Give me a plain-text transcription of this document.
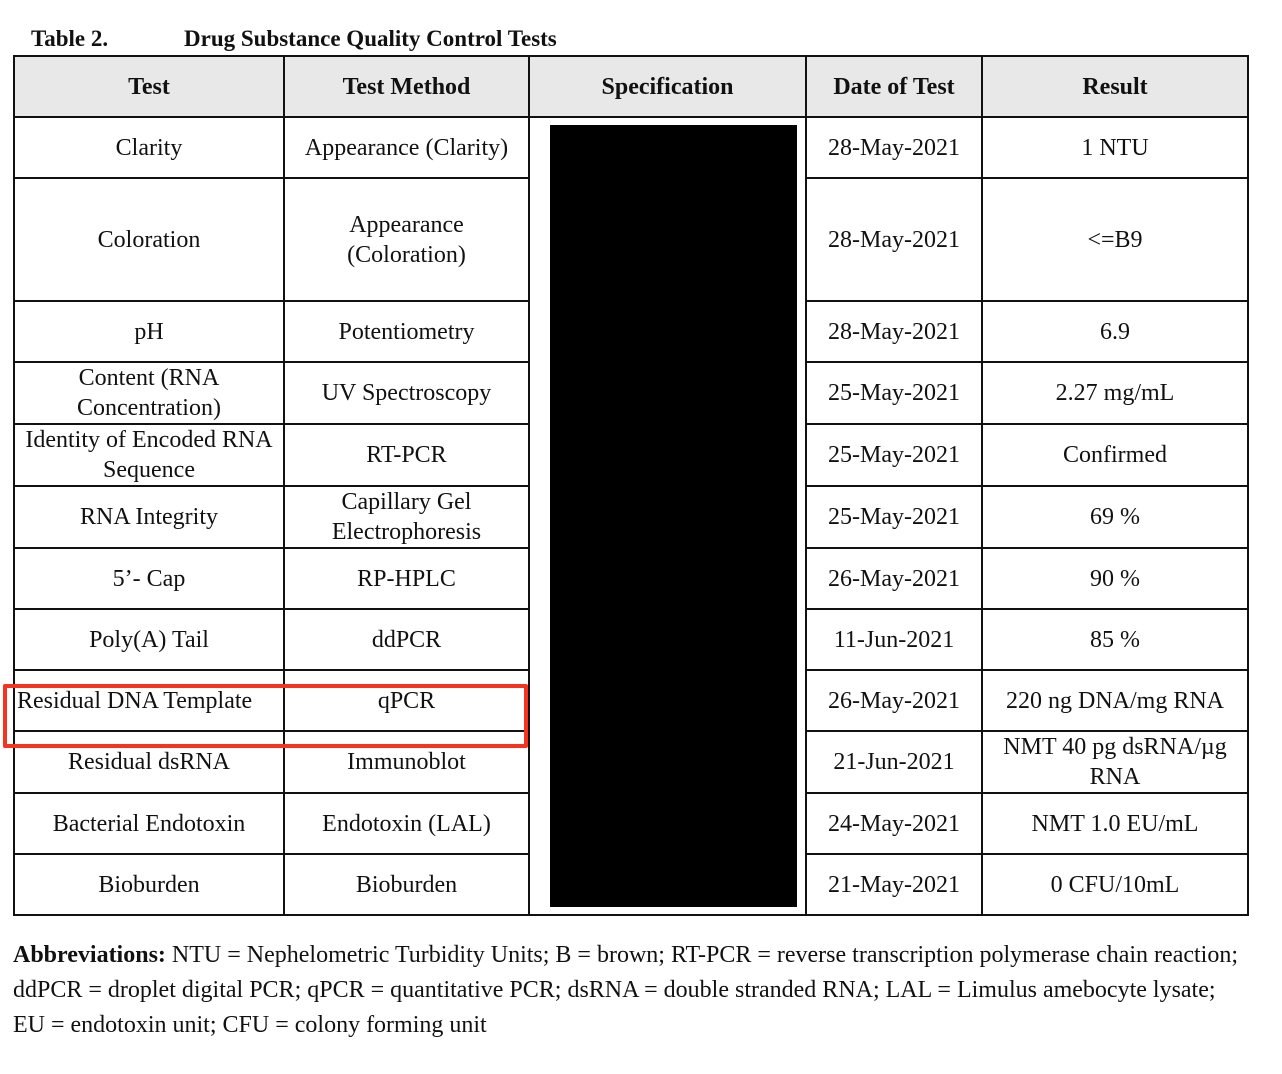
Table 2.	Drug Substance Quality Control Tests
Test	Test Method	Specification	Date of Test	Result
Clarity	Appearance (Clarity)		28-May-2021	1 NTU
Coloration	Appearance (Coloration)		28-May-2021	<=B9
pH	Potentiometry		28-May-2021	6.9
Content (RNA Concentration)	UV Spectroscopy		25-May-2021	2.27 mg/mL
Identity of Encoded RNA Sequence	RT-PCR		25-May-2021	Confirmed
RNA Integrity	Capillary Gel Electrophoresis		25-May-2021	69 %
5’- Cap	RP-HPLC		26-May-2021	90 %
Poly(A) Tail	ddPCR		11-Jun-2021	85 %
Residual DNA Template	qPCR		26-May-2021	220 ng DNA/mg RNA
Residual dsRNA	Immunoblot		21-Jun-2021	NMT 40 pg dsRNA/µg RNA
Bacterial Endotoxin	Endotoxin (LAL)		24-May-2021	NMT 1.0 EU/mL
Bioburden	Bioburden		21-May-2021	0 CFU/10mL
Abbreviations: NTU = Nephelometric Turbidity Units; B = brown; RT-PCR = reverse transcription polymerase chain reaction; ddPCR = droplet digital PCR; qPCR = quantitative PCR; dsRNA = double stranded RNA; LAL = Limulus amebocyte lysate; EU = endotoxin unit; CFU = colony forming unit
